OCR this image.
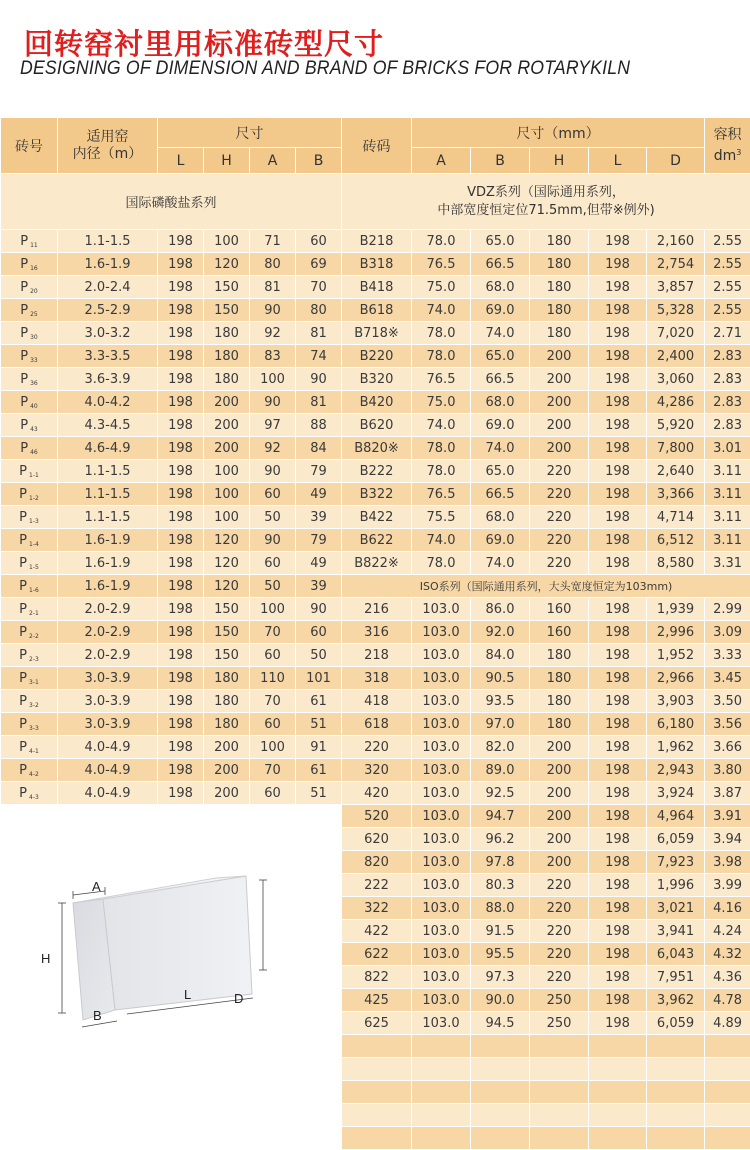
回转窑衬里用标准砖型尺寸
DESIGNING OF DIMENSION AND BRAND OF BRICKS FOR ROTARYKILN
砖号	适用窑
内径（m）	尺寸				砖码	尺寸（mm）					容积
$dm^3$
		L	H	A	B		A	B	H	L	D	
国际磷酸盐系列						VDZ系列（国际通用系列，
中部宽度恒定位71.5mm,但带※例外)						
P 11	1.1-1.5	198	100	71	60	B218	78.0	65.0	180	198	2,160	2.55
P 16	1.6-1.9	198	120	80	69	B318	76.5	66.5	180	198	2,754	2.55
P 20	2.0-2.4	198	150	81	70	B418	75.0	68.0	180	198	3,857	2.55
P 25	2.5-2.9	198	150	90	80	B618	74.0	69.0	180	198	5,328	2.55
P 30	3.0-3.2	198	180	92	81	B718※	78.0	74.0	180	198	7,020	2.71
P 33	3.3-3.5	198	180	83	74	B220	78.0	65.0	200	198	2,400	2.83
P 36	3.6-3.9	198	180	100	90	B320	76.5	66.5	200	198	3,060	2.83
P 40	4.0-4.2	198	200	90	81	B420	75.0	68.0	200	198	4,286	2.83
P 43	4.3-4.5	198	200	97	88	B620	74.0	69.0	200	198	5,920	2.83
P 46	4.6-4.9	198	200	92	84	B820※	78.0	74.0	200	198	7,800	3.01
P 1-1	1.1-1.5	198	100	90	79	B222	78.0	65.0	220	198	2,640	3.11
P 1-2	1.1-1.5	198	100	60	49	B322	76.5	66.5	220	198	3,366	3.11
P 1-3	1.1-1.5	198	100	50	39	B422	75.5	68.0	220	198	4,714	3.11
P 1-4	1.6-1.9	198	120	90	79	B622	74.0	69.0	220	198	6,512	3.11
P 1-5	1.6-1.9	198	120	60	49	B822※	78.0	74.0	220	198	8,580	3.31
P 1-6	1.6-1.9	198	120	50	39	ISO系列（国际通用系列，大头宽度恒定为103mm)						
P 2-1	2.0-2.9	198	150	100	90	216	103.0	86.0	160	198	1,939	2.99
P 2-2	2.0-2.9	198	150	70	60	316	103.0	92.0	160	198	2,996	3.09
P 2-3	2.0-2.9	198	150	60	50	218	103.0	84.0	180	198	1,952	3.33
P 3-1	3.0-3.9	198	180	110	101	318	103.0	90.5	180	198	2,966	3.45
P 3-2	3.0-3.9	198	180	70	61	418	103.0	93.5	180	198	3,903	3.50
P 3-3	3.0-3.9	198	180	60	51	618	103.0	97.0	180	198	6,180	3.56
P 4-1	4.0-4.9	198	200	100	91	220	103.0	82.0	200	198	1,962	3.66
P 4-2	4.0-4.9	198	200	70	61	320	103.0	89.0	200	198	2,943	3.80
P 4-3	4.0-4.9	198	200	60	51	420	103.0	92.5	200	198	3,924	3.87
						520	103.0	94.7	200	198	4,964	3.91
						620	103.0	96.2	200	198	6,059	3.94
						820	103.0	97.8	200	198	7,923	3.98
						222	103.0	80.3	220	198	1,996	3.99
						322	103.0	88.0	220	198	3,021	4.16
						422	103.0	91.5	220	198	3,941	4.24
						622	103.0	95.5	220	198	6,043	4.32
						822	103.0	97.3	220	198	7,951	4.36
						425	103.0	90.0	250	198	3,962	4.78
						625	103.0	94.5	250	198	6,059	4.89

A
H
L	D
B
